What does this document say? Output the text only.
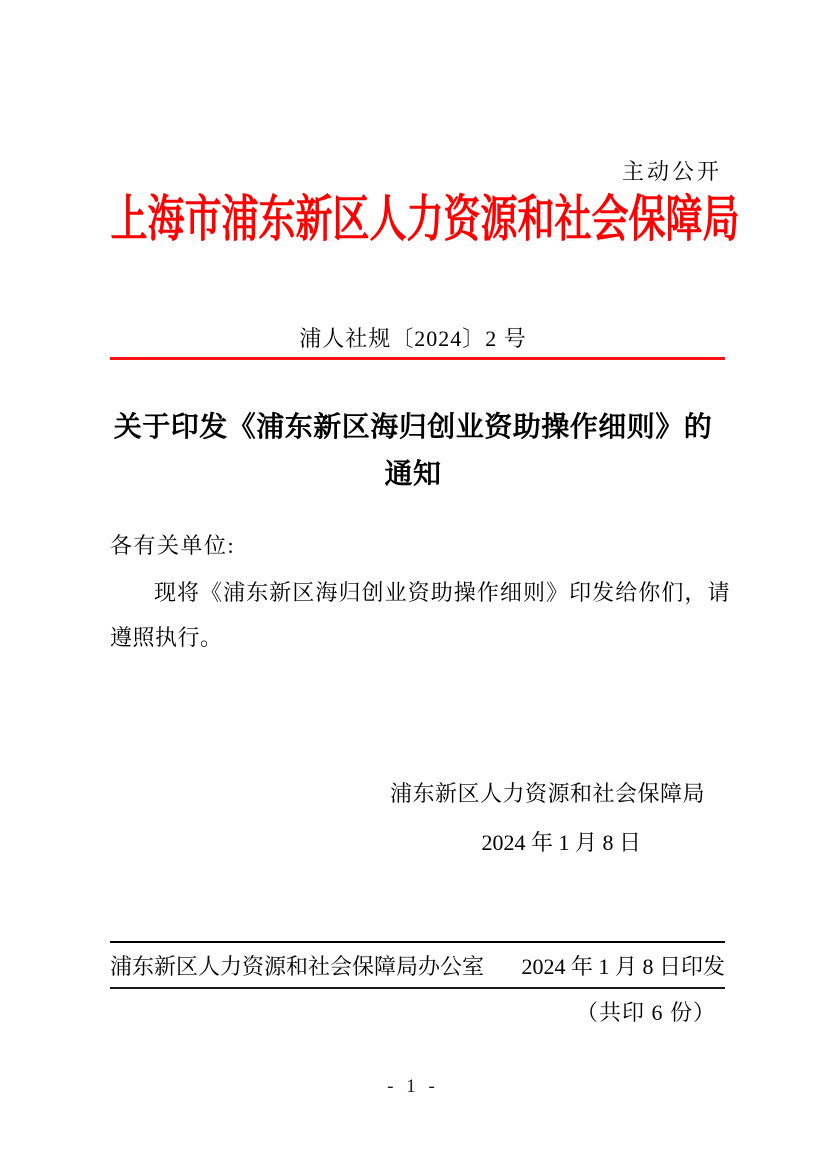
主动公开
上海市浦东新区人力资源和社会保障局
浦人社规〔2024〕2 号
关于印发《浦东新区海归创业资助操作细则》的
通知
各有关单位:
现将《浦东新区海归创业资助操作细则》印发给你们，请遵照执行。
浦东新区人力资源和社会保障局
2024 年 1 月 8 日
浦东新区人力资源和社会保障局办公室 2024 年 1 月 8 日印发
（共印 6 份）
- 1 -
